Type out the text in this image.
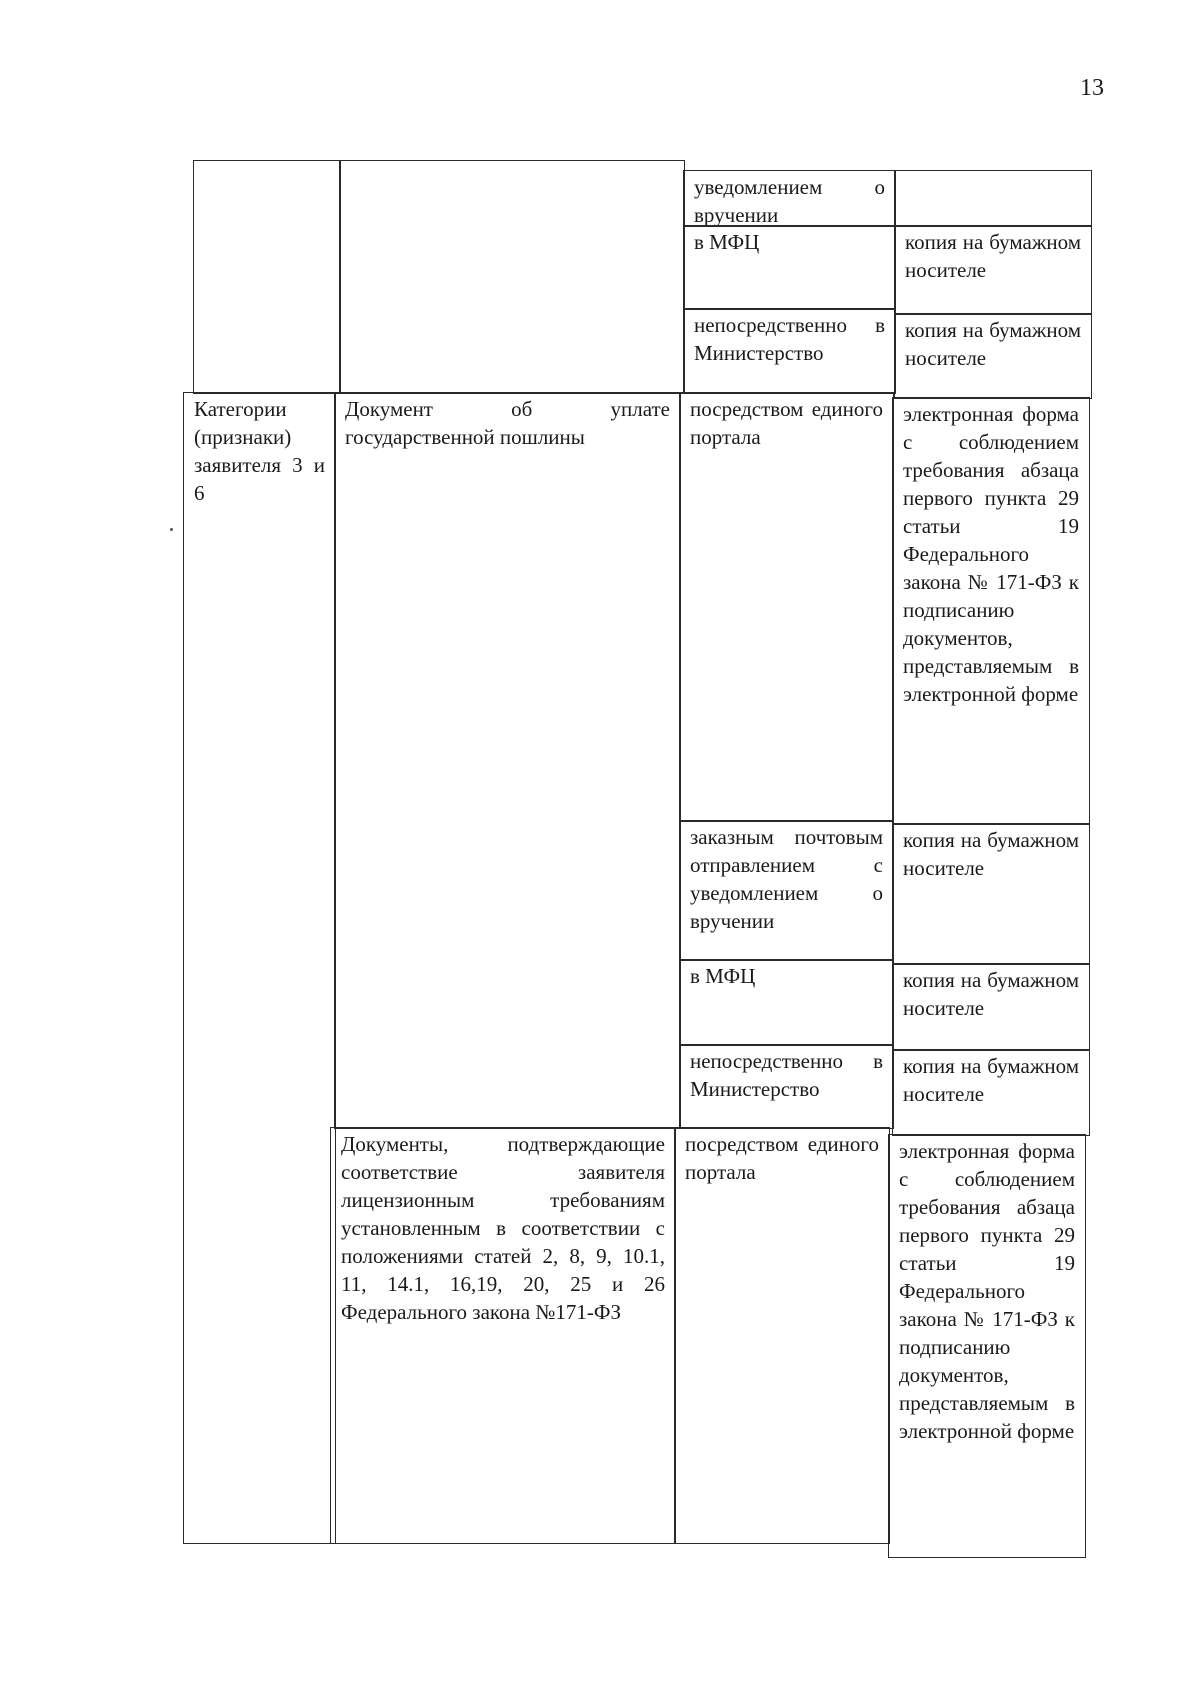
13
Категории (признаки) заявителя 3 и 6
Документ об уплате государственной пошлины
Документы, подтверждающие соответствие заявителя лицензионным требованиям установленным в соответствии с положениями статей 2, 8, 9, 10.1, 11, 14.1, 16,19, 20, 25 и 26 Федерального закона №171-ФЗ
уведомлением о вручении
в МФЦ
непосредственно в Министерство
посредством единого портала
заказным почтовым отправлением с уведомлением о вручении
в МФЦ
непосредственно в Министерство
посредством единого портала
копия на бумажном носителе
копия на бумажном носителе
электронная форма с соблюдением требования абзаца первого пункта 29 статьи 19 Федерального закона № 171-ФЗ к подписанию документов, представляемым в электронной форме
копия на бумажном носителе
копия на бумажном носителе
копия на бумажном носителе
электронная форма с соблюдением требования абзаца первого пункта 29 статьи 19 Федерального закона № 171-ФЗ к подписанию документов, представляемым в электронной форме
